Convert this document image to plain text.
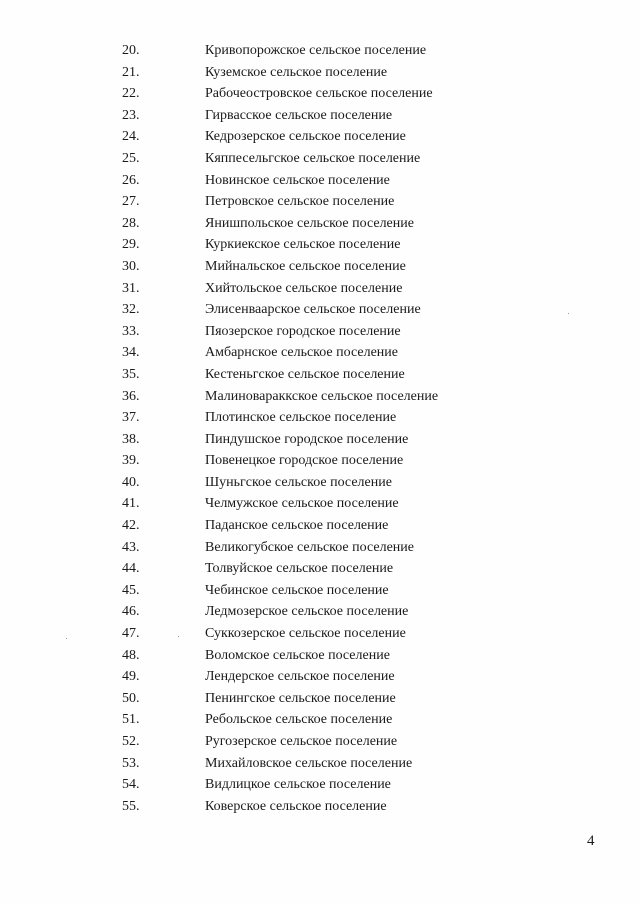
20.	Кривопорожское сельское поселение
21.	Куземское сельское поселение
22.	Рабочеостровское сельское поселение
23.	Гирвасское сельское поселение
24.	Кедрозерское сельское поселение
25.	Кяппесельгское сельское поселение
26.	Новинское сельское поселение
27.	Петровское сельское поселение
28.	Янишпольское сельское поселение
29.	Куркиекское сельское поселение
30.	Мийнальское сельское поселение
31.	Хийтольское сельское поселение
32.	Элисенваарское сельское поселение
33.	Пяозерское городское поселение
34.	Амбарнское сельское поселение
35.	Кестеньгское сельское поселение
36.	Малиновараккское сельское поселение
37.	Плотинское сельское поселение
38.	Пиндушское городское поселение
39.	Повенецкое городское поселение
40.	Шуньгское сельское поселение
41.	Челмужское сельское поселение
42.	Паданское сельское поселение
43.	Великогубское сельское поселение
44.	Толвуйское сельское поселение
45.	Чебинское сельское поселение
46.	Ледмозерское сельское поселение
47.	Суккозерское сельское поселение
48.	Воломское сельское поселение
49.	Лендерское сельское поселение
50.	Пенингское сельское поселение
51.	Ребольское сельское поселение
52.	Ругозерское сельское поселение
53.	Михайловское сельское поселение
54.	Видлицкое сельское поселение
55.	Коверское сельское поселение
4
